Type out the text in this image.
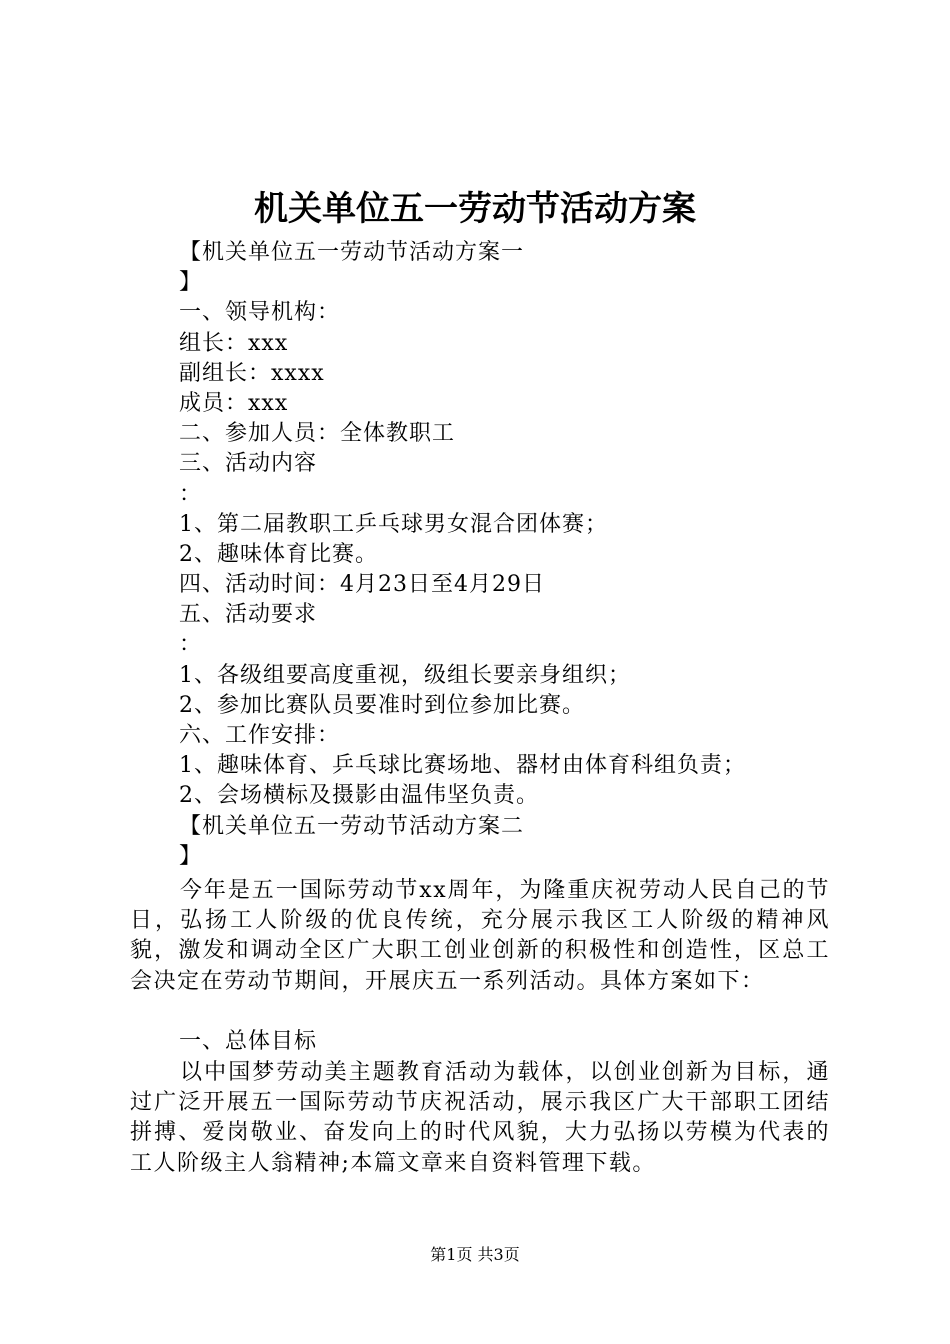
机关单位五一劳动节活动方案
【机关单位五一劳动节活动方案一
】
一、领导机构：
组长：xxx
副组长：xxxx
成员：xxx
二、参加人员：全体教职工
三、活动内容
：
1、第二届教职工乒乓球男女混合团体赛；
2、趣味体育比赛。
四、活动时间：4月23日至4月29日
五、活动要求
：
1、各级组要高度重视，级组长要亲身组织；
2、参加比赛队员要准时到位参加比赛。
六、工作安排：
1、趣味体育、乒乓球比赛场地、器材由体育科组负责；
2、会场横标及摄影由温伟坚负责。
【机关单位五一劳动节活动方案二
】
今年是五一国际劳动节xx周年，为隆重庆祝劳动人民自己的节日，弘扬工人阶级的优良传统，充分展示我区工人阶级的精神风貌，激发和调动全区广大职工创业创新的积极性和创造性，区总工会决定在劳动节期间，开展庆五一系列活动。具体方案如下：
一、总体目标
以中国梦劳动美主题教育活动为载体，以创业创新为目标，通过广泛开展五一国际劳动节庆祝活动，展示我区广大干部职工团结拼搏、爱岗敬业、奋发向上的时代风貌，大力弘扬以劳模为代表的工人阶级主人翁精神;本篇文章来自资料管理下载。
第1页 共3页
